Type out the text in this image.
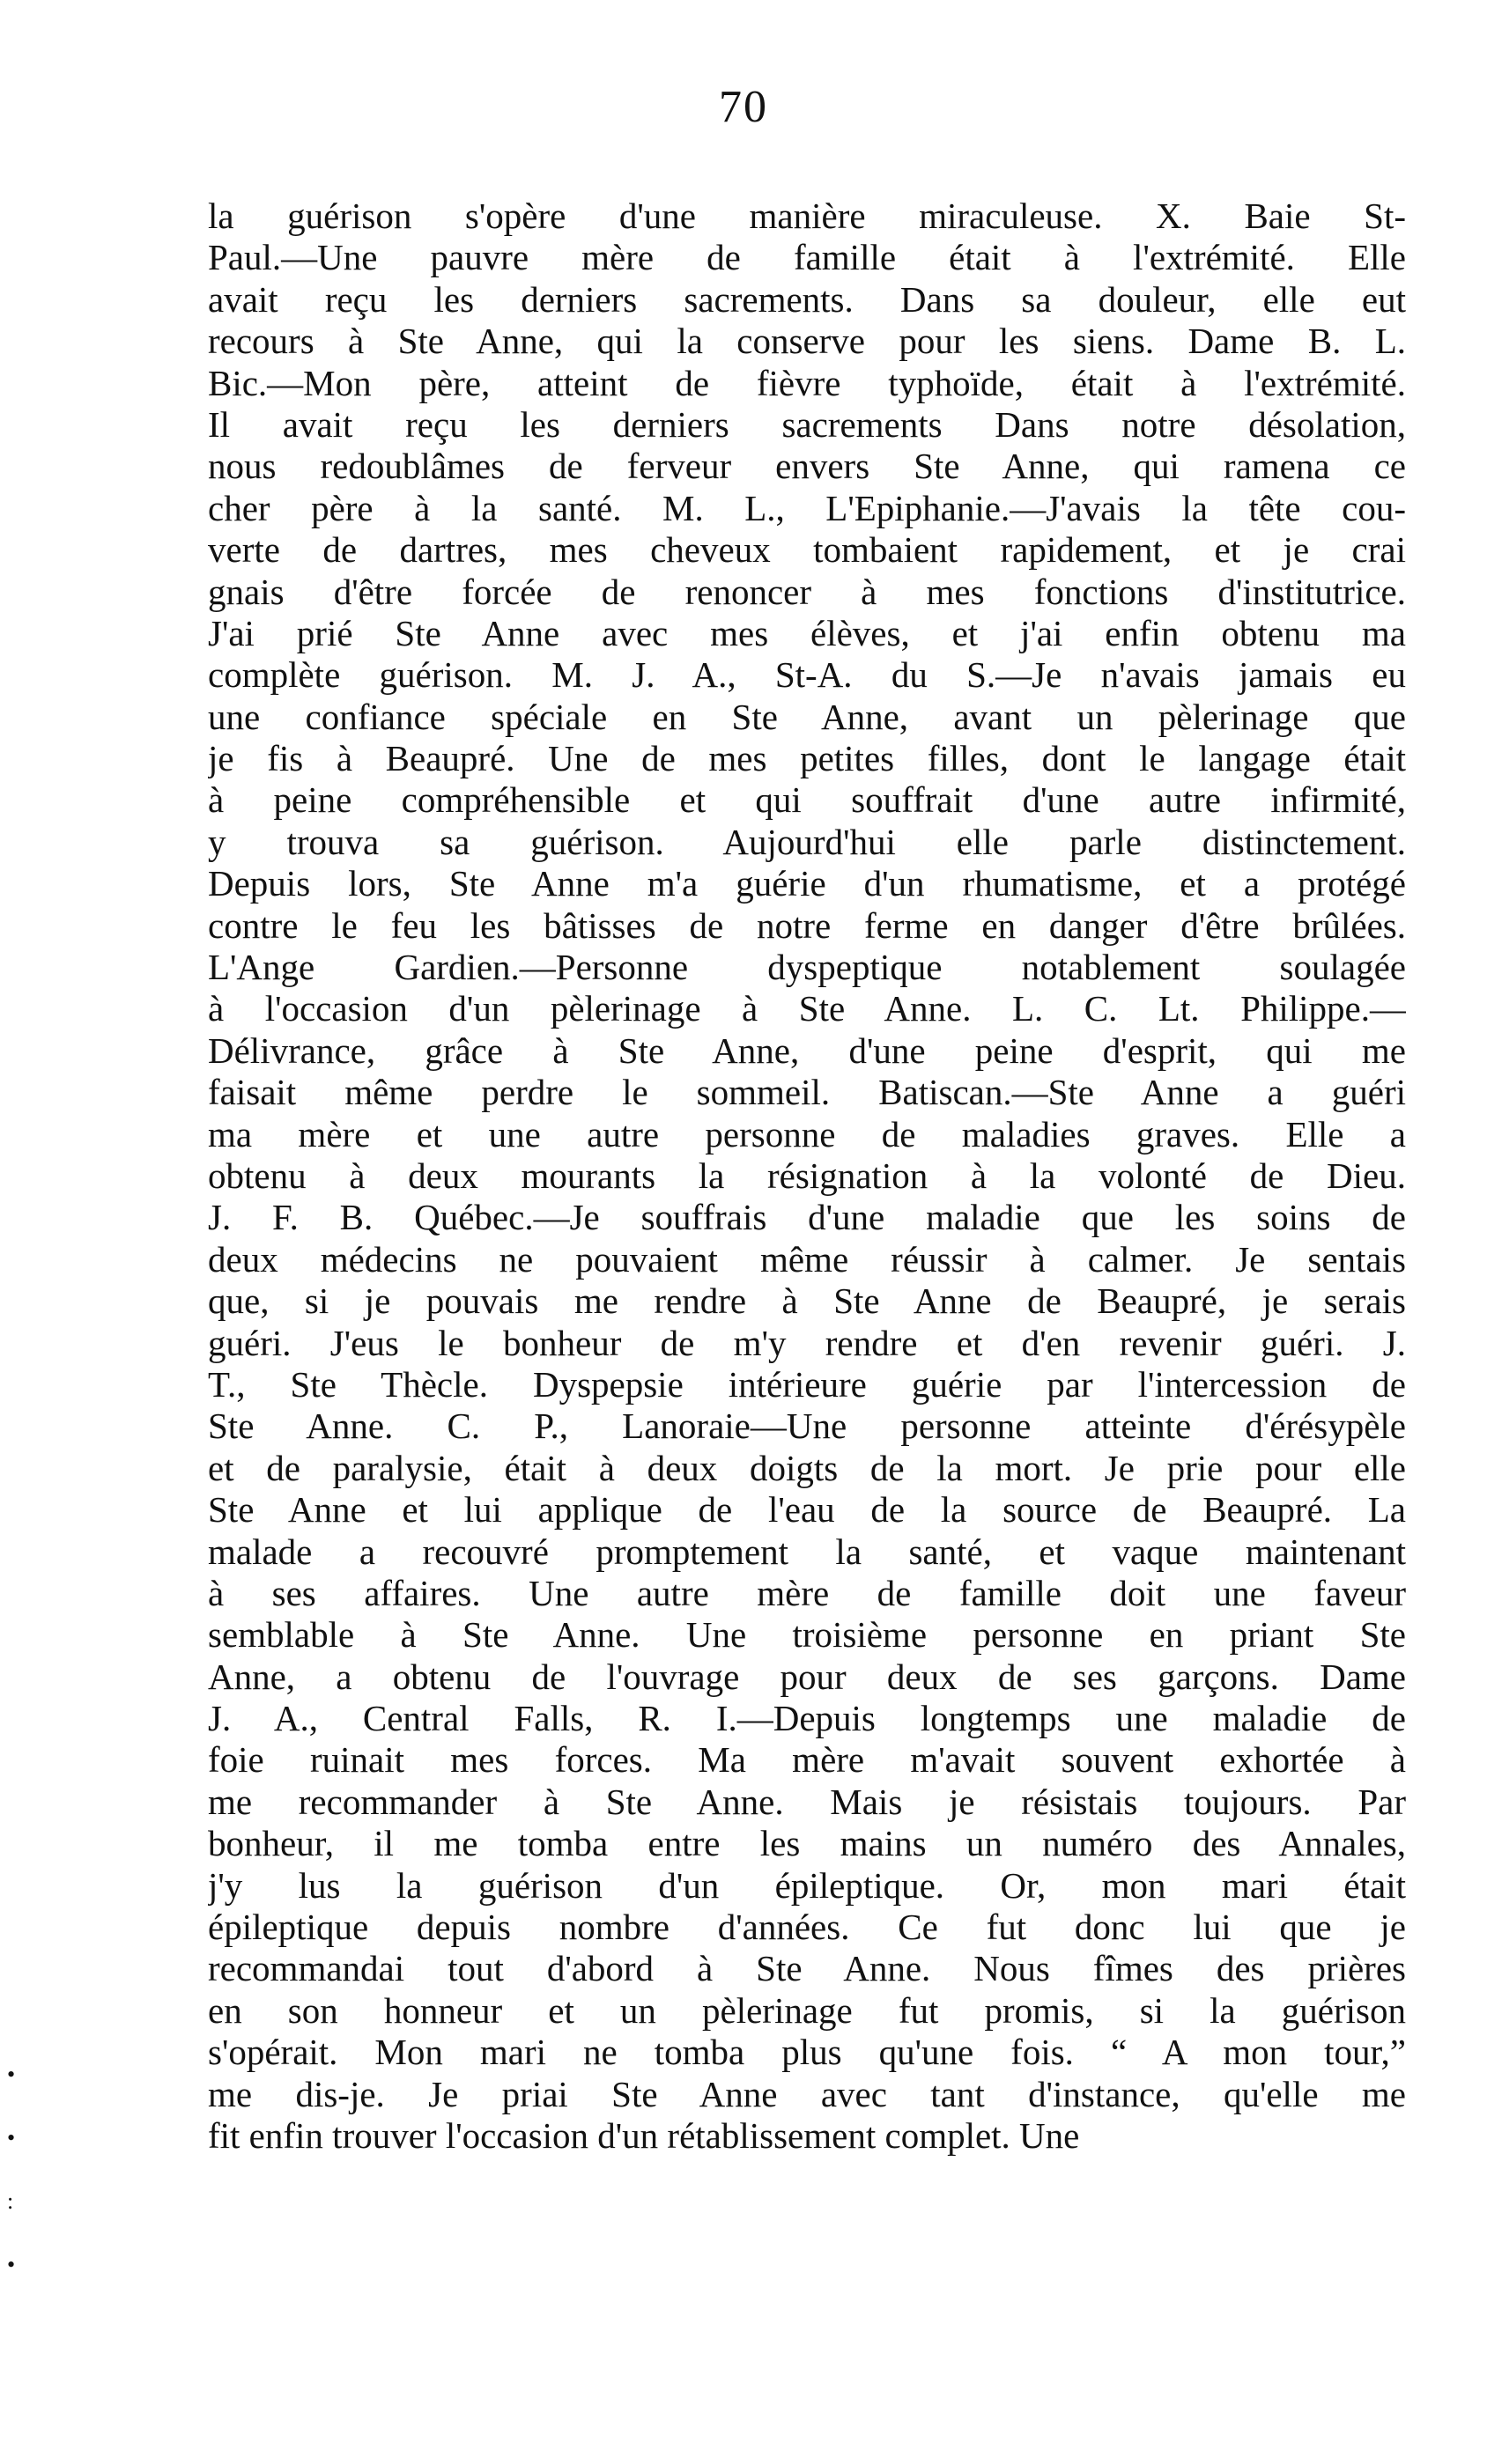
70
la guérison s'opère d'une manière miraculeuse. X. Baie St-
Paul.—Une pauvre mère de famille était à l'extrémité. Elle
avait reçu les derniers sacrements. Dans sa douleur, elle eut
recours à Ste Anne, qui la conserve pour les siens. Dame B. L.
Bic.—Mon père, atteint de fièvre typhoïde, était à l'extrémité.
Il avait reçu les derniers sacrements Dans notre désolation,
nous redoublâmes de ferveur envers Ste Anne, qui ramena ce
cher père à la santé. M. L., L'Epiphanie.—J'avais la tête cou-
verte de dartres, mes cheveux tombaient rapidement, et je crai
gnais d'être forcée de renoncer à mes fonctions d'institutrice.
J'ai prié Ste Anne avec mes élèves, et j'ai enfin obtenu ma
complète guérison. M. J. A., St-A. du S.—Je n'avais jamais eu
une confiance spéciale en Ste Anne, avant un pèlerinage que
je fis à Beaupré. Une de mes petites filles, dont le langage était
à peine compréhensible et qui souffrait d'une autre infirmité,
y trouva sa guérison. Aujourd'hui elle parle distinctement.
Depuis lors, Ste Anne m'a guérie d'un rhumatisme, et a protégé
contre le feu les bâtisses de notre ferme en danger d'être brûlées.
L'Ange Gardien.—Personne dyspeptique notablement soulagée
à l'occasion d'un pèlerinage à Ste Anne. L. C. Lt. Philippe.—
Délivrance, grâce à Ste Anne, d'une peine d'esprit, qui me
faisait même perdre le sommeil. Batiscan.—Ste Anne a guéri
ma mère et une autre personne de maladies graves. Elle a
obtenu à deux mourants la résignation à la volonté de Dieu.
J. F. B. Québec.—Je souffrais d'une maladie que les soins de
deux médecins ne pouvaient même réussir à calmer. Je sentais
que, si je pouvais me rendre à Ste Anne de Beaupré, je serais
guéri. J'eus le bonheur de m'y rendre et d'en revenir guéri. J.
T., Ste Thècle. Dyspepsie intérieure guérie par l'intercession de
Ste Anne. C. P., Lanoraie—Une personne atteinte d'érésypèle
et de paralysie, était à deux doigts de la mort. Je prie pour elle
Ste Anne et lui applique de l'eau de la source de Beaupré. La
malade a recouvré promptement la santé, et vaque maintenant
à ses affaires. Une autre mère de famille doit une faveur
semblable à Ste Anne. Une troisième personne en priant Ste
Anne, a obtenu de l'ouvrage pour deux de ses garçons. Dame
J. A., Central Falls, R. I.—Depuis longtemps une maladie de
foie ruinait mes forces. Ma mère m'avait souvent exhortée à
me recommander à Ste Anne. Mais je résistais toujours. Par
bonheur, il me tomba entre les mains un numéro des Annales,
j'y lus la guérison d'un épileptique. Or, mon mari était
épileptique depuis nombre d'années. Ce fut donc lui que je
recommandai tout d'abord à Ste Anne. Nous fîmes des prières
en son honneur et un pèlerinage fut promis, si la guérison
s'opérait. Mon mari ne tomba plus qu'une fois. “ A mon tour,”
me dis-je. Je priai Ste Anne avec tant d'instance, qu'elle me
fit enfin trouver l'occasion d'un rétablissement complet. Une
•
•
:
•
